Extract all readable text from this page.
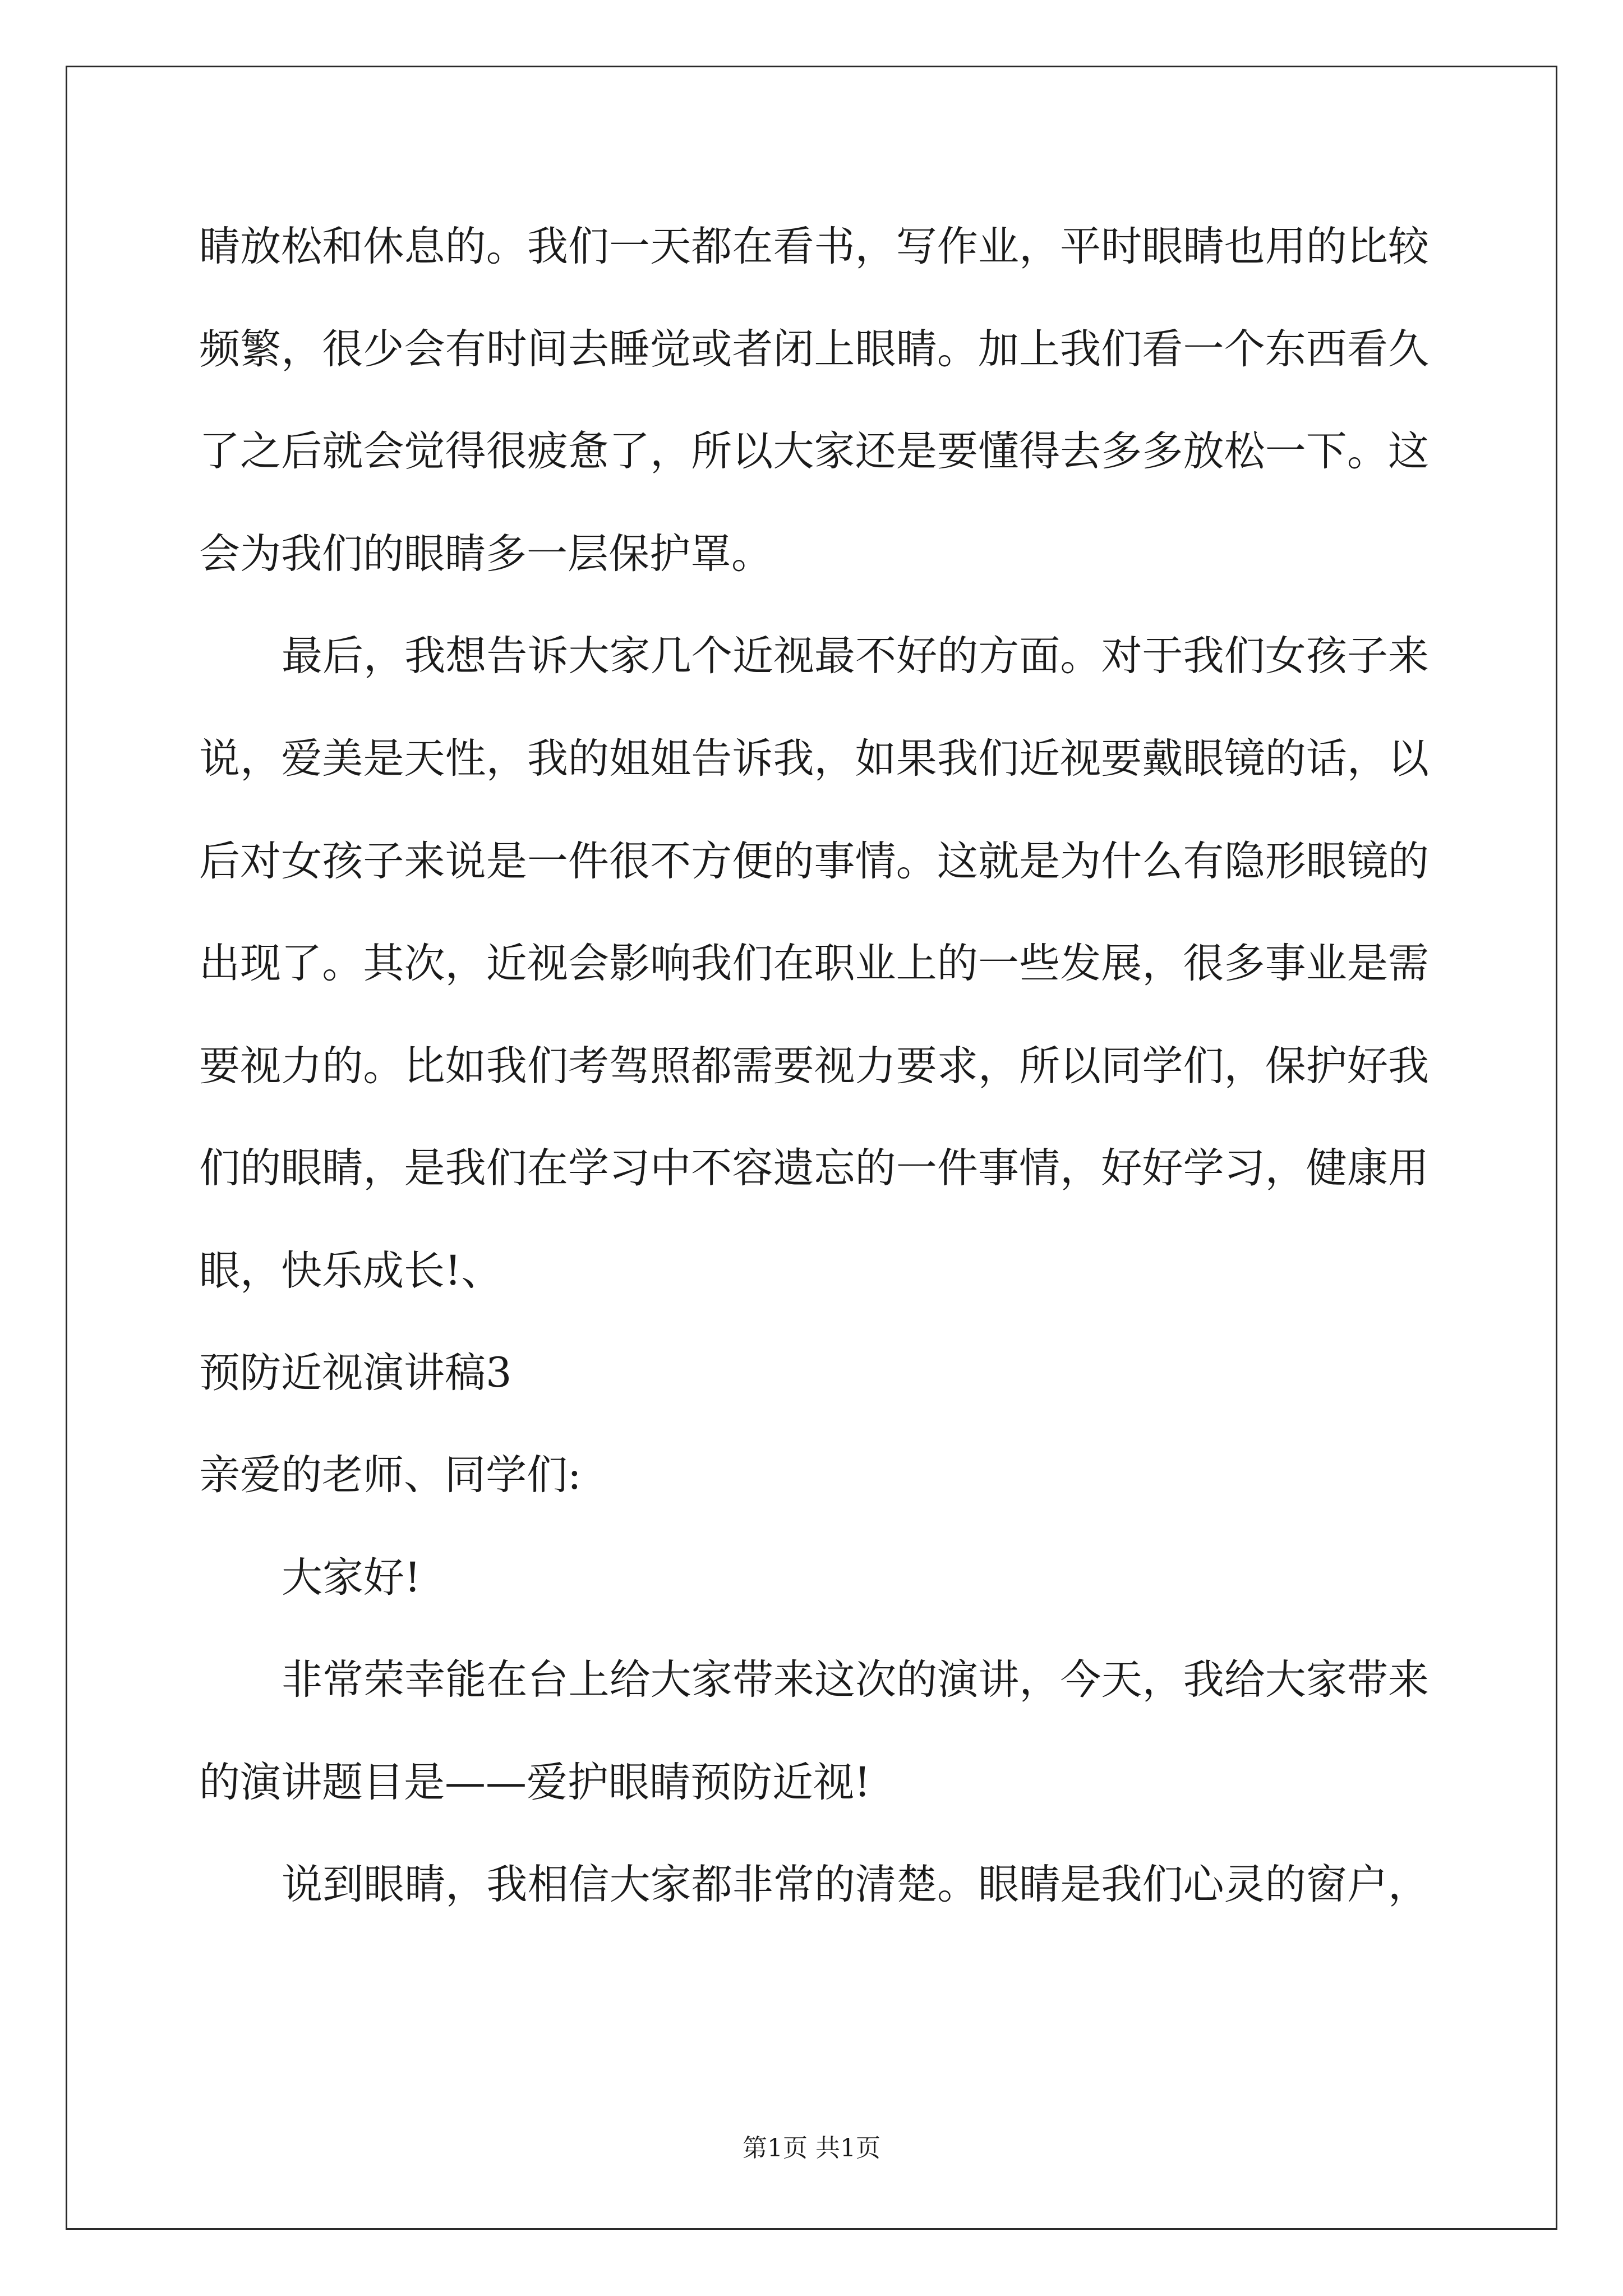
睛放松和休息的。我们一天都在看书，写作业，平时眼睛也用的比较
频繁，很少会有时间去睡觉或者闭上眼睛。加上我们看一个东西看久
了之后就会觉得很疲惫了，所以大家还是要懂得去多多放松一下。这
会为我们的眼睛多一层保护罩。
最后，我想告诉大家几个近视最不好的方面。对于我们女孩子来
说，爱美是天性，我的姐姐告诉我，如果我们近视要戴眼镜的话，以
后对女孩子来说是一件很不方便的事情。这就是为什么有隐形眼镜的
出现了。其次，近视会影响我们在职业上的一些发展，很多事业是需
要视力的。比如我们考驾照都需要视力要求，所以同学们，保护好我
们的眼睛，是我们在学习中不容遗忘的一件事情，好好学习，健康用
眼，快乐成长!、
预防近视演讲稿3
亲爱的老师、同学们:
大家好!
非常荣幸能在台上给大家带来这次的演讲，今天，我给大家带来
的演讲题目是——爱护眼睛预防近视!
说到眼睛，我相信大家都非常的清楚。眼睛是我们心灵的窗户，
第1页 共1页
